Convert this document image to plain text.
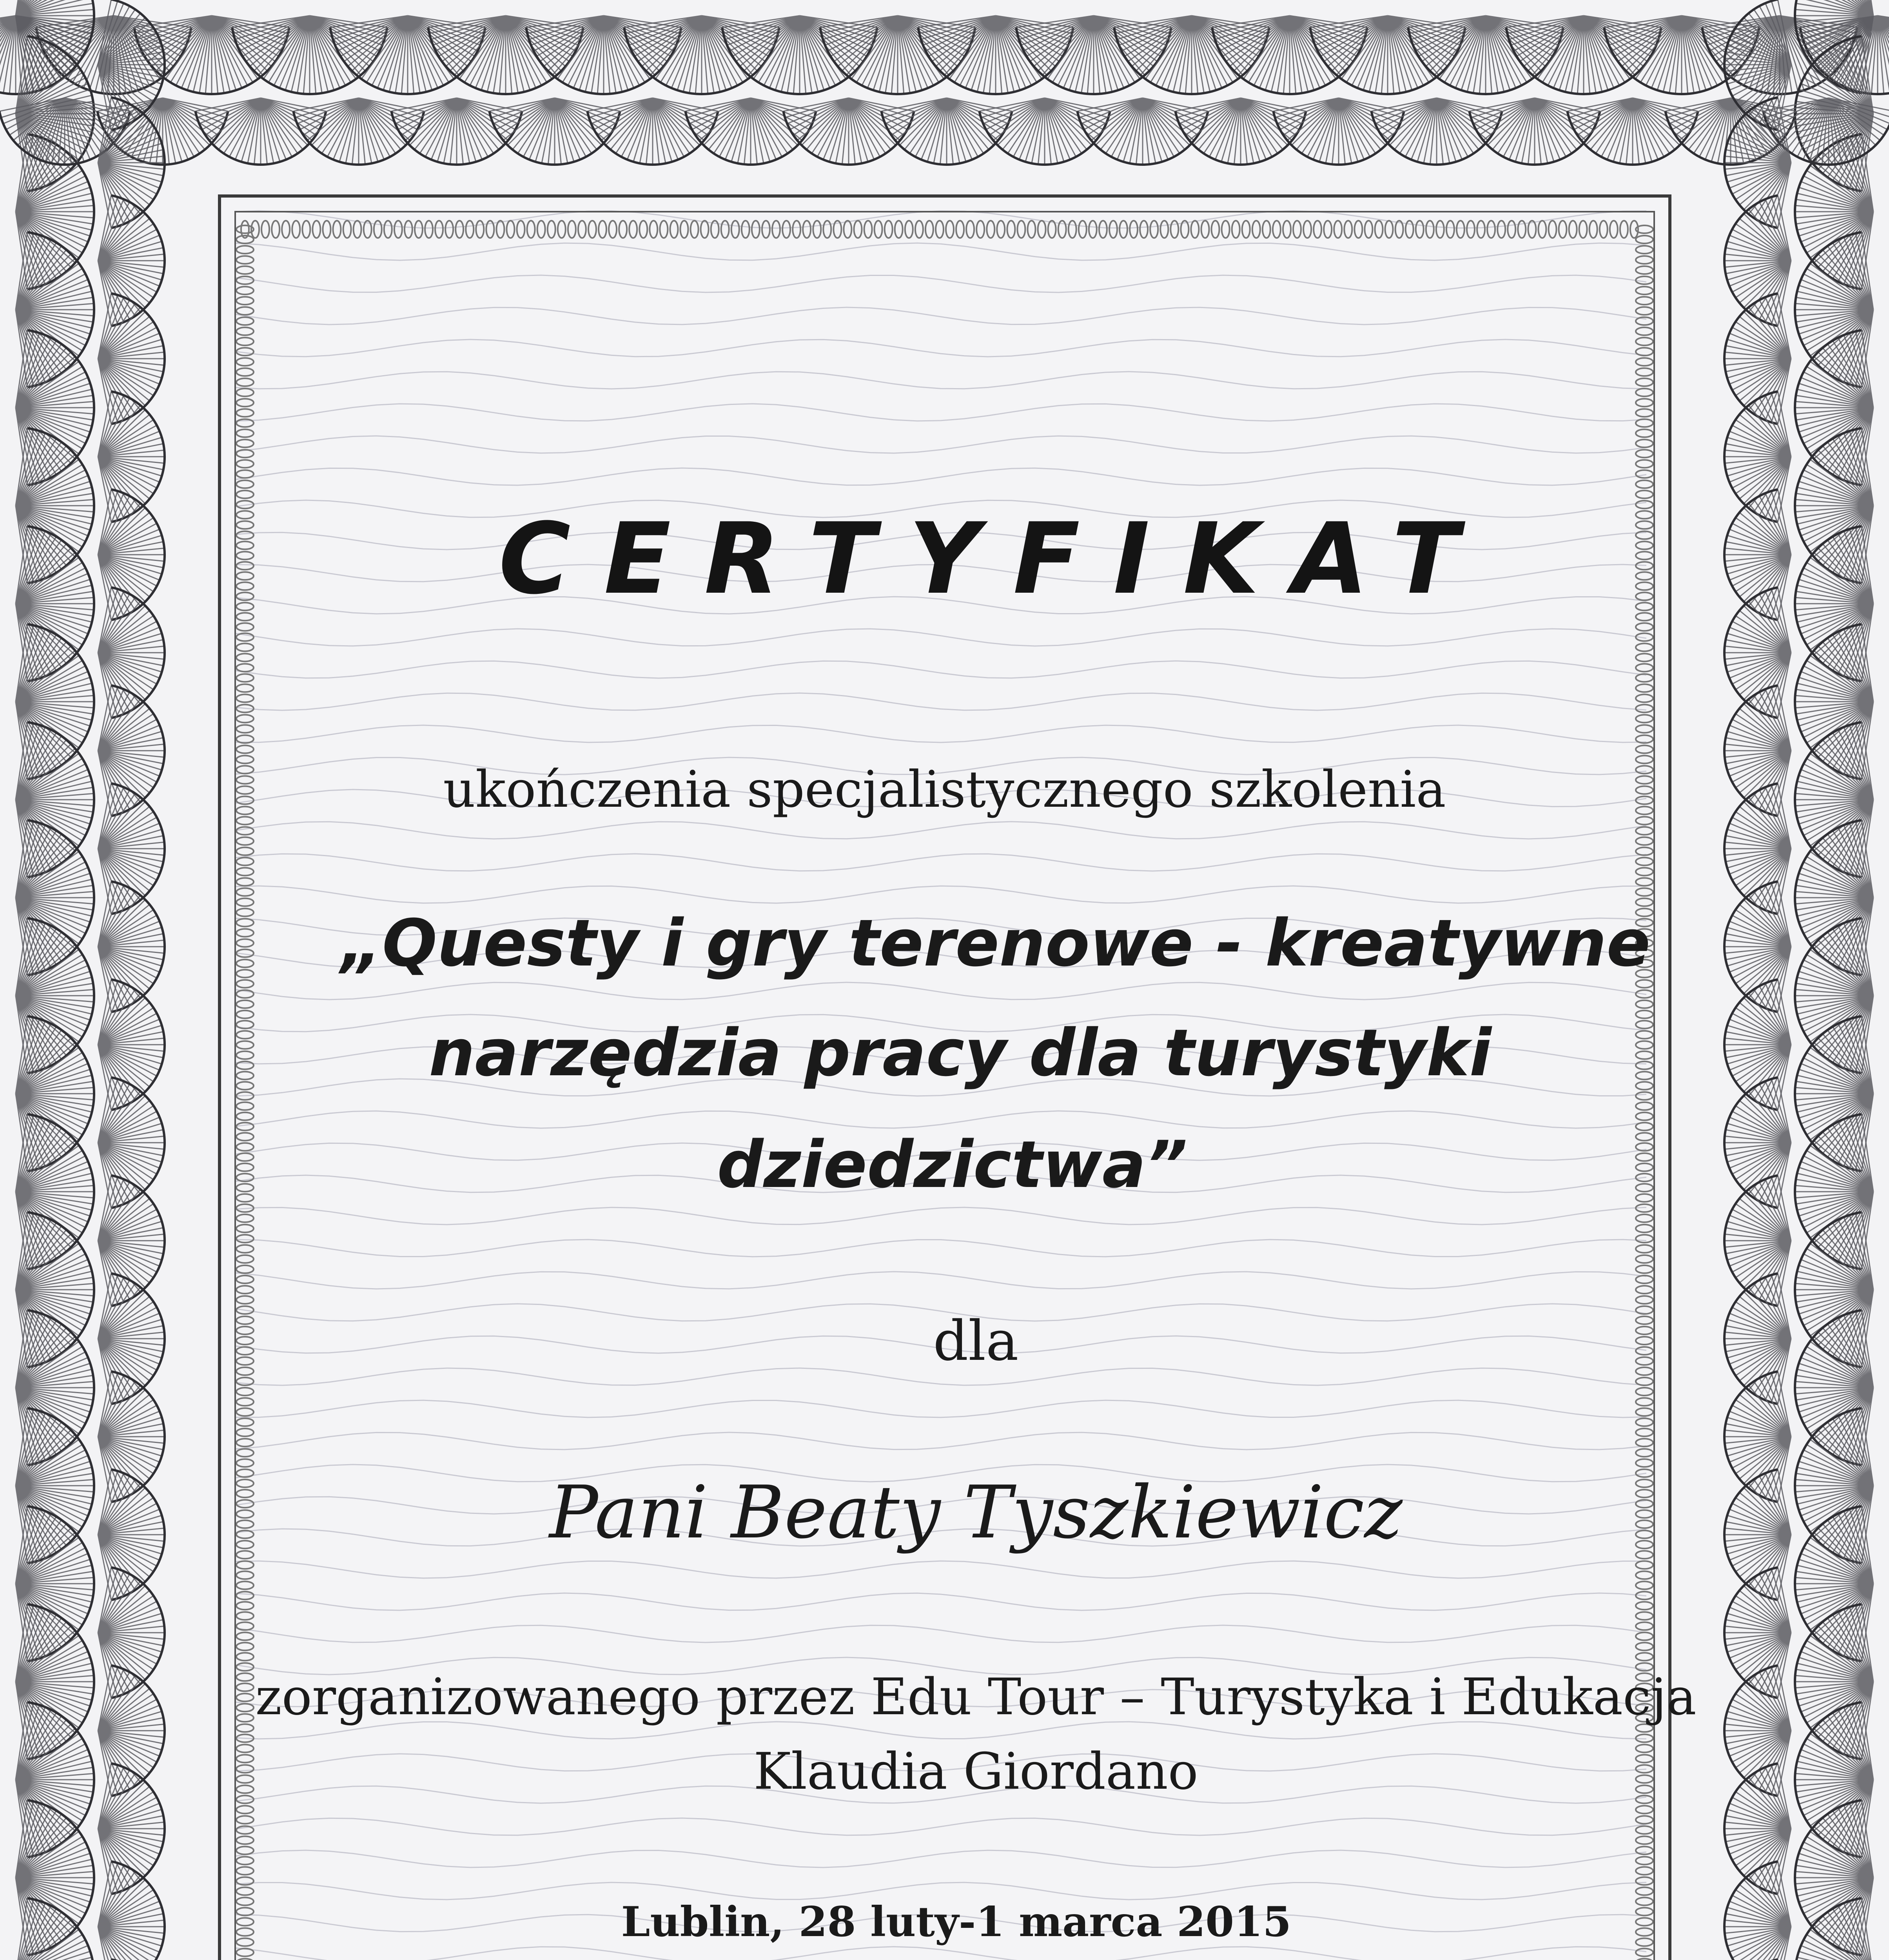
CERTYFIKAT
ukończenia specjalistycznego szkolenia
„Questy i gry terenowe - kreatywne
narzędzia pracy dla turystyki
dziedzictwa”
dla
Pani Beaty Tyszkiewicz
zorganizowanego przez Edu Tour – Turystyka i Edukacja
Klaudia Giordano
Lublin, 28 luty-1 marca 2015
